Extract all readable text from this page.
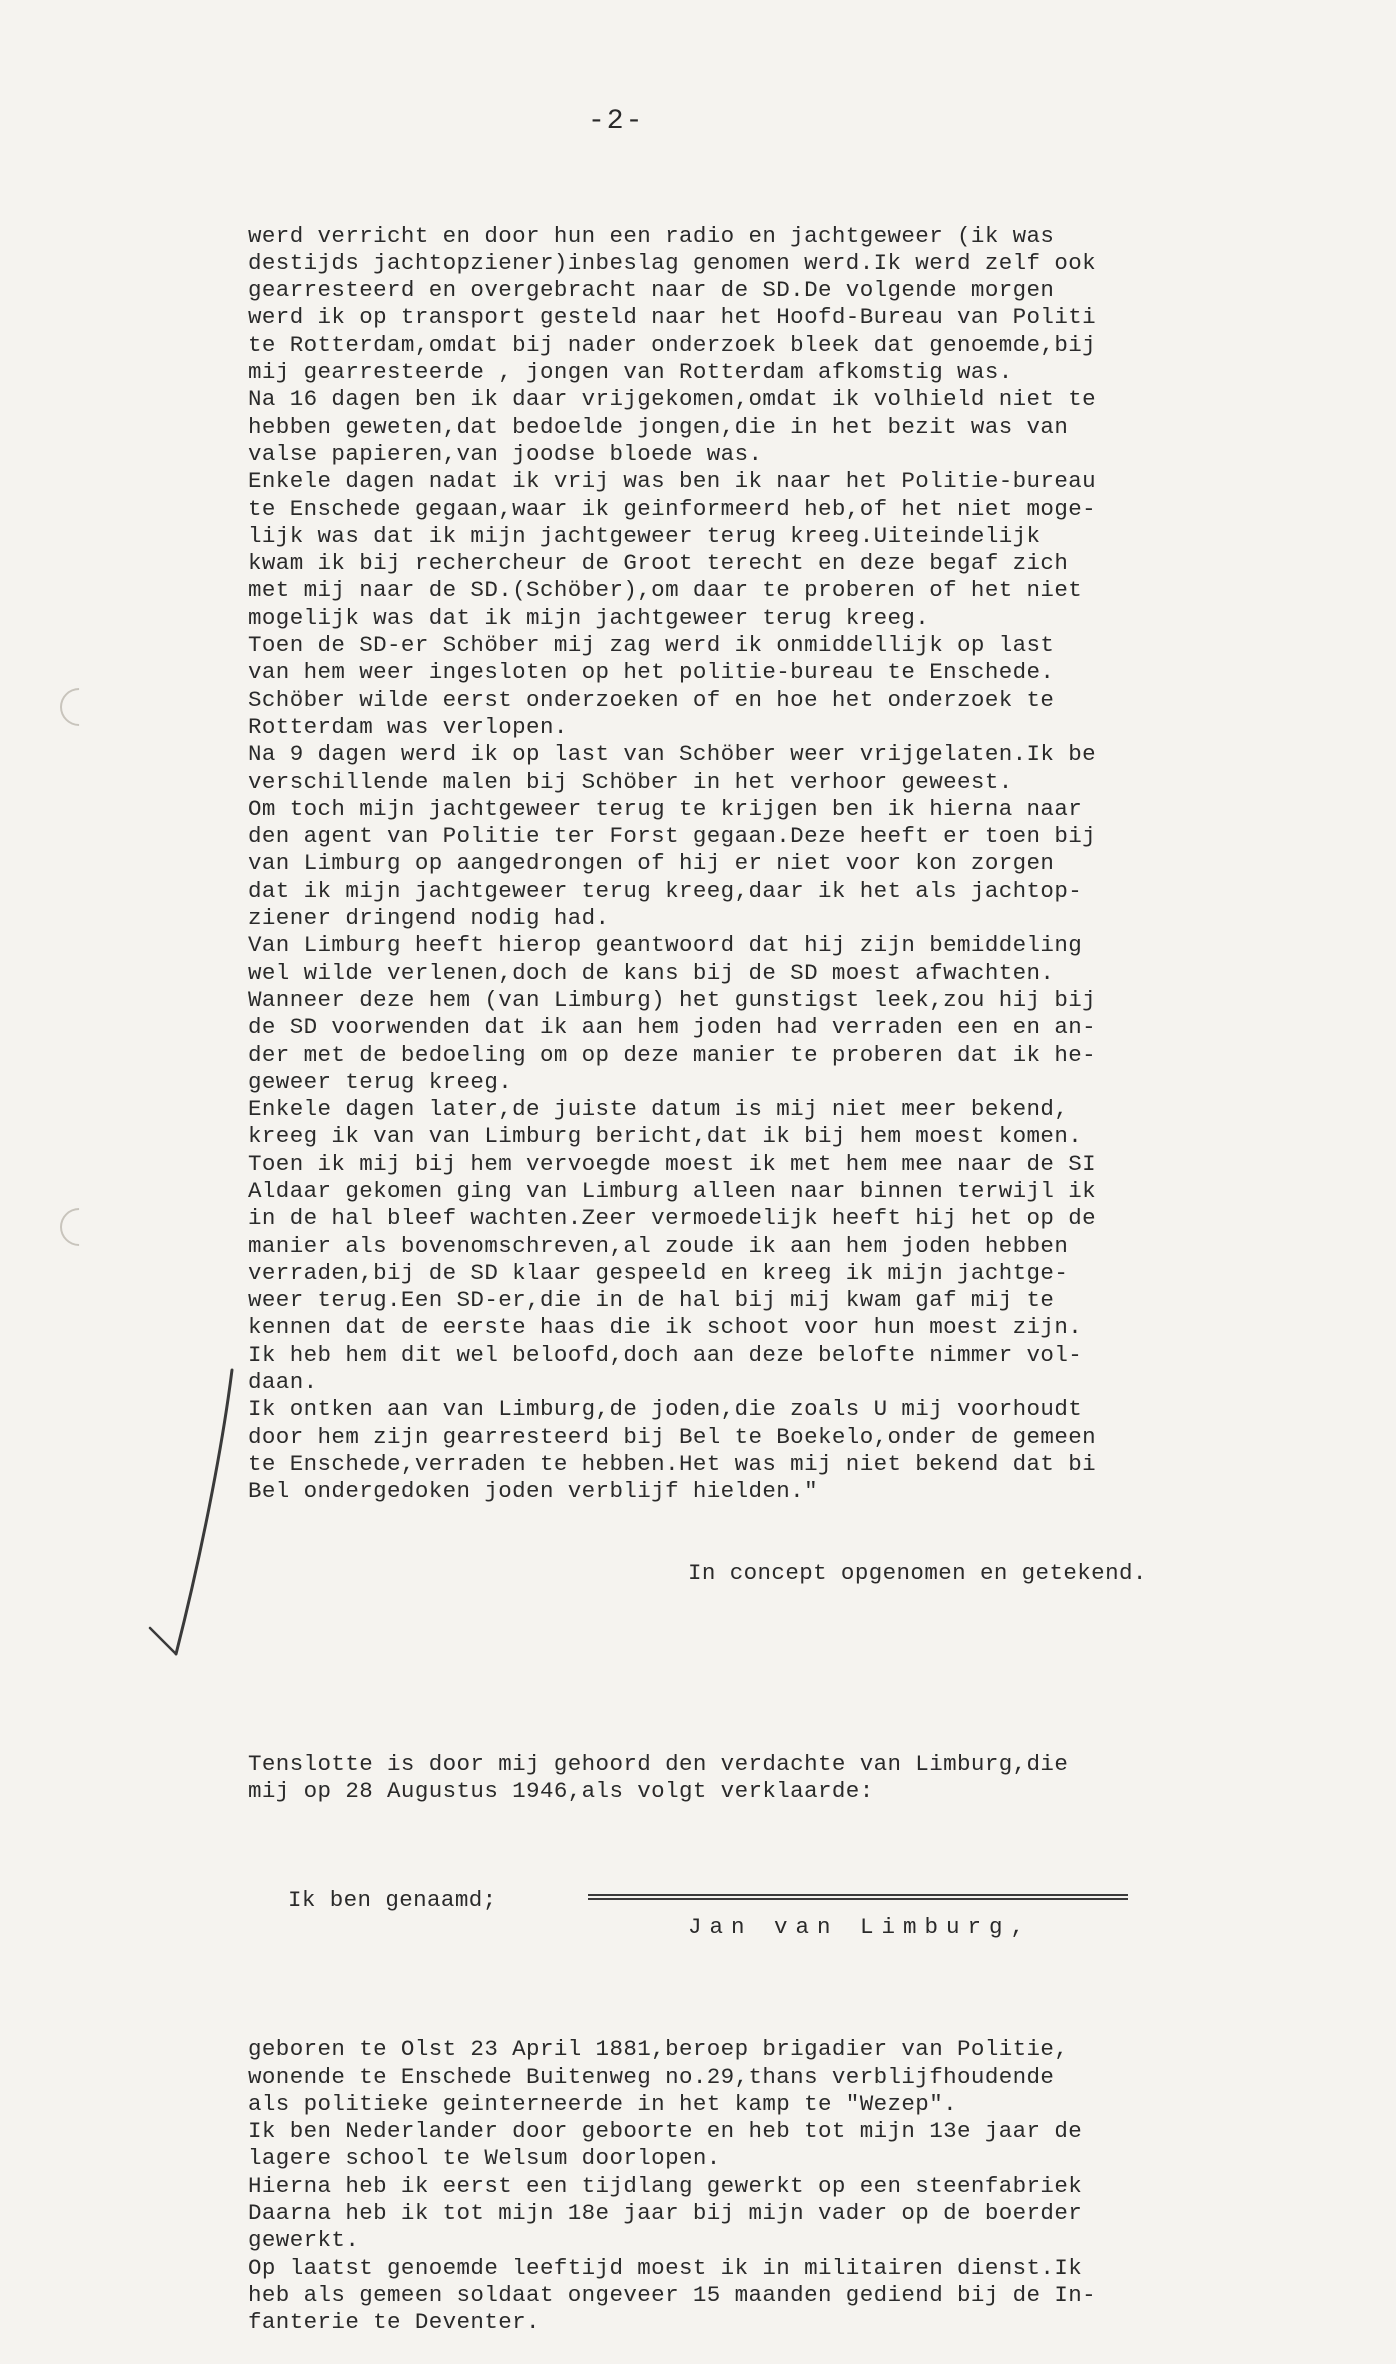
-2-

werd verricht en door hun een radio en jachtgeweer (ik was
destijds jachtopziener)inbeslag genomen werd.Ik werd zelf ook
gearresteerd en overgebracht naar de SD.De volgende morgen
werd ik op transport gesteld naar het Hoofd-Bureau van Politi
te Rotterdam,omdat bij nader onderzoek bleek dat genoemde,bij
mij gearresteerde , jongen van Rotterdam afkomstig was.
Na 16 dagen ben ik daar vrijgekomen,omdat ik volhield niet te
hebben geweten,dat bedoelde jongen,die in het bezit was van
valse papieren,van joodse bloede was.
Enkele dagen nadat ik vrij was ben ik naar het Politie-bureau
te Enschede gegaan,waar ik geinformeerd heb,of het niet moge-
lijk was dat ik mijn jachtgeweer terug kreeg.Uiteindelijk
kwam ik bij rechercheur de Groot terecht en deze begaf zich
met mij naar de SD.(Schöber),om daar te proberen of het niet
mogelijk was dat ik mijn jachtgeweer terug kreeg.
Toen de SD-er Schöber mij zag werd ik onmiddellijk op last
van hem weer ingesloten op het politie-bureau te Enschede.
Schöber wilde eerst onderzoeken of en hoe het onderzoek te
Rotterdam was verlopen.
Na 9 dagen werd ik op last van Schöber weer vrijgelaten.Ik be
verschillende malen bij Schöber in het verhoor geweest.
Om toch mijn jachtgeweer terug te krijgen ben ik hierna naar
den agent van Politie ter Forst gegaan.Deze heeft er toen bij
van Limburg op aangedrongen of hij er niet voor kon zorgen
dat ik mijn jachtgeweer terug kreeg,daar ik het als jachtop-
ziener dringend nodig had.
Van Limburg heeft hierop geantwoord dat hij zijn bemiddeling
wel wilde verlenen,doch de kans bij de SD moest afwachten.
Wanneer deze hem (van Limburg) het gunstigst leek,zou hij bij
de SD voorwenden dat ik aan hem joden had verraden een en an-
der met de bedoeling om op deze manier te proberen dat ik he-
geweer terug kreeg.
Enkele dagen later,de juiste datum is mij niet meer bekend,
kreeg ik van van Limburg bericht,dat ik bij hem moest komen.
Toen ik mij bij hem vervoegde moest ik met hem mee naar de SI
Aldaar gekomen ging van Limburg alleen naar binnen terwijl ik
in de hal bleef wachten.Zeer vermoedelijk heeft hij het op de
manier als bovenomschreven,al zoude ik aan hem joden hebben
verraden,bij de SD klaar gespeeld en kreeg ik mijn jachtge-
weer terug.Een SD-er,die in de hal bij mij kwam gaf mij te
kennen dat de eerste haas die ik schoot voor hun moest zijn.
Ik heb hem dit wel beloofd,doch aan deze belofte nimmer vol-
daan.
Ik ontken aan van Limburg,de joden,die zoals U mij voorhoudt
door hem zijn gearresteerd bij Bel te Boekelo,onder de gemeen
te Enschede,verraden te hebben.Het was mij niet bekend dat bi
Bel ondergedoken joden verblijf hielden."

In concept opgenomen en getekend.

Tenslotte is door mij gehoord den verdachte van Limburg,die
mij op 28 Augustus 1946,als volgt verklaarde:

Ik ben genaamd;

Jan van Limburg,

geboren te Olst 23 April 1881,beroep brigadier van Politie,
wonende te Enschede Buitenweg no.29,thans verblijfhoudende
als politieke geinterneerde in het kamp te "Wezep".
Ik ben Nederlander door geboorte en heb tot mijn 13e jaar de
lagere school te Welsum doorlopen.
Hierna heb ik eerst een tijdlang gewerkt op een steenfabriek
Daarna heb ik tot mijn 18e jaar bij mijn vader op de boerder
gewerkt.
Op laatst genoemde leeftijd moest ik in militairen dienst.Ik
heb als gemeen soldaat ongeveer 15 maanden gediend bij de In-
fanterie te Deventer.
